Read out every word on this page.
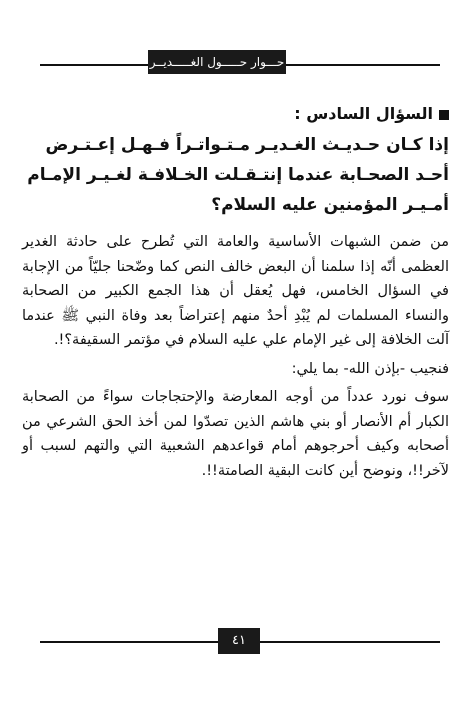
حـــوار حـــــول الغـــــديــر

السؤال السادس :

إذا كـان حـديـث الغـديـر مـتـواتـراً فـهـل إعـتـرض أحـد الصحـابة عندما إنتـقـلت الخـلافـة لغـيـر الإمـام أمـيـر المؤمنين عليه السلام؟

من ضمن الشبهات الأساسية والعامة التي تُطرح على حادثة الغدير العظمى أنّه إذا سلمنا أن البعض خالف النص كما وضّحنا جليّاً من الإجابة في السؤال الخامس، فهل يُعقل أن هذا الجمع الكبير من الصحابة والنساء المسلمات لم يُبْدِ أحدٌ منهم إعتراضاً بعد وفاة النبي ﷺ عندما آلت الخلافة إلى غير الإمام علي عليه السلام في مؤتمر السقيفة؟!.

فنجيب -بإذن الله- بما يلي:

سوف نورد عدداً من أوجه المعارضة والإحتجاجات سواءً من الصحابة الكبار أم الأنصار أو بني هاشم الذين تصدّوا لمن أخذ الحق الشرعي من أصحابه وكيف أحرجوهم أمام قواعدهم الشعبية التي والتهم لسبب أو لآخر!!، ونوضح أين كانت البقية الصامتة!!.

٤١
